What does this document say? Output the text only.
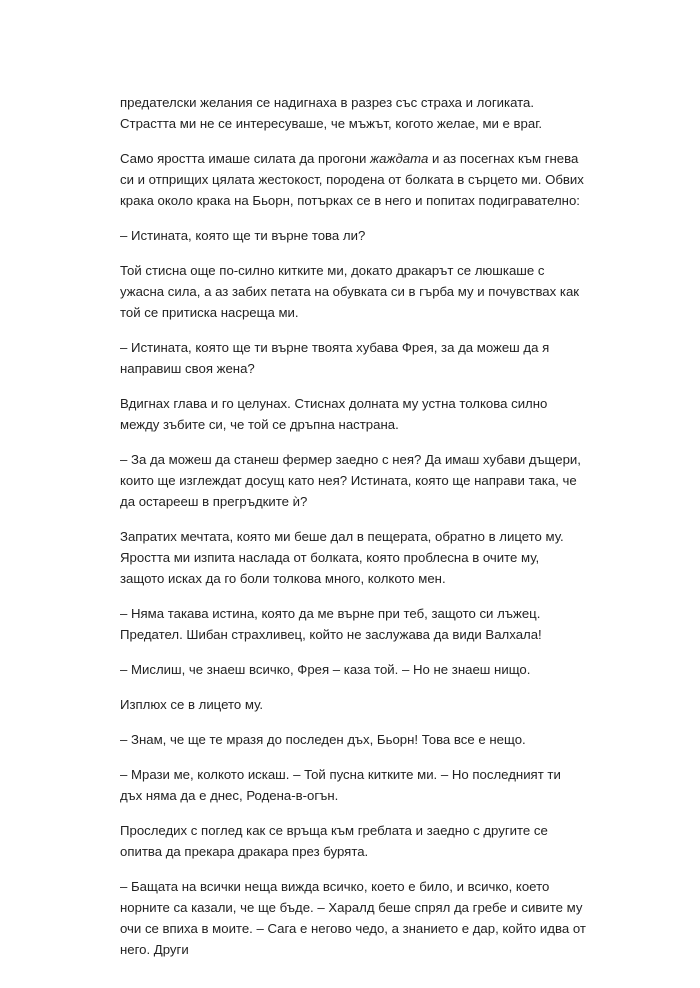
предателски желания се надигнаха в разрез със страха и логиката. Страстта ми не се интересуваше, че мъжът, когото желае, ми е враг.

Само яростта имаше силата да прогони жаждата и аз посегнах към гнева си и отприщих цялата жестокост, породена от болката в сърцето ми. Обвих крака около крака на Бьорн, потърках се в него и попитах подигравателно:

– Истината, която ще ти върне това ли?

Той стисна още по-силно китките ми, докато дракарът се люшкаше с ужасна сила, а аз забих петата на обувката си в гърба му и почувствах как той се притиска насреща ми.

– Истината, която ще ти върне твоята хубава Фрея, за да можеш да я направиш своя жена?

Вдигнах глава и го целунах. Стиснах долната му устна толкова силно между зъбите си, че той се дръпна настрана.

– За да можеш да станеш фермер заедно с нея? Да имаш хубави дъщери, които ще изглеждат досущ като нея? Истината, която ще направи така, че да остарееш в прегръдките ѝ?

Запратих мечтата, която ми беше дал в пещерата, обратно в лицето му. Яростта ми изпита наслада от болката, която проблесна в очите му, защото исках да го боли толкова много, колкото мен.

– Няма такава истина, която да ме върне при теб, защото си лъжец. Предател. Шибан страхливец, който не заслужава да види Валхала!

– Мислиш, че знаеш всичко, Фрея – каза той. – Но не знаеш нищо.

Изплюх се в лицето му.

– Знам, че ще те мразя до последен дъх, Бьорн! Това все е нещо.

– Мрази ме, колкото искаш. – Той пусна китките ми. – Но последният ти дъх няма да е днес, Родена-в-огън.

Проследих с поглед как се връща към греблата и заедно с другите се опитва да прекара дракара през бурята.

– Бащата на всички неща вижда всичко, което е било, и всичко, което норните са казали, че ще бъде. – Харалд беше спрял да гребе и сивите му очи се впиха в моите. – Сага е негово чедо, а знанието е дар, който идва от него. Други
